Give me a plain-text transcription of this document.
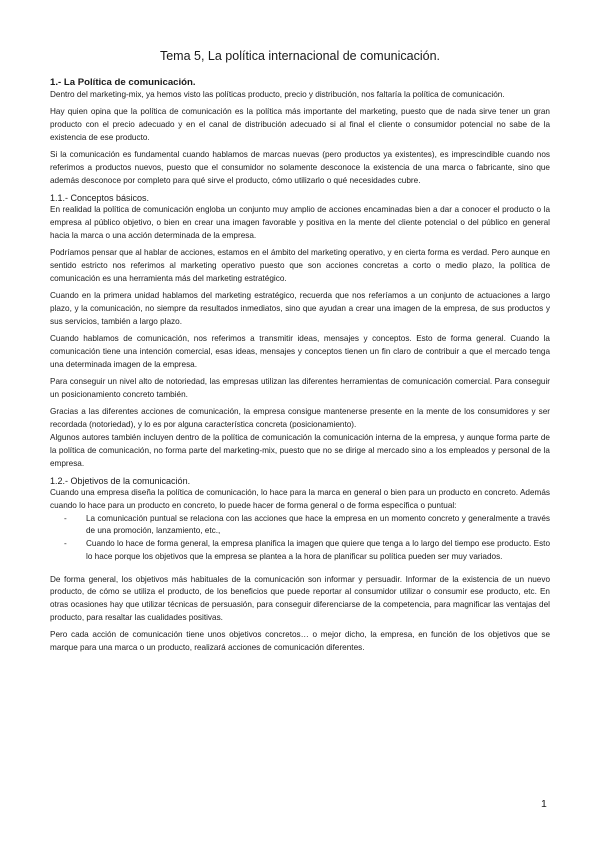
Tema 5, La política internacional de comunicación.
1.- La Política de comunicación.

Dentro del marketing-mix, ya hemos visto las políticas producto, precio y distribución, nos faltaría la política de comunicación.

Hay quien opina que la política de comunicación es la política más importante del marketing, puesto que de nada sirve tener un gran producto con el precio adecuado y en el canal de distribución adecuado si al final el cliente o consumidor potencial no sabe de la existencia de ese producto.

Si la comunicación es fundamental cuando hablamos de marcas nuevas (pero productos ya existentes), es imprescindible cuando nos referimos a productos nuevos, puesto que el consumidor no solamente desconoce la existencia de una marca o fabricante, sino que además desconoce por completo para qué sirve el producto, cómo utilizarlo o qué necesidades cubre.

1.1.- Conceptos básicos.

En realidad la política de comunicación engloba un conjunto muy amplio de acciones encaminadas bien a dar a conocer el producto o la empresa al público objetivo, o bien en crear una imagen favorable y positiva en la mente del cliente potencial o del público en general hacia la marca o una acción determinada de la empresa.

Podríamos pensar que al hablar de acciones, estamos en el ámbito del marketing operativo, y en cierta forma es verdad. Pero aunque en sentido estricto nos referimos al marketing operativo puesto que son acciones concretas a corto o medio plazo, la política de comunicación es una herramienta más del marketing estratégico.

Cuando en la primera unidad hablamos del marketing estratégico, recuerda que nos referíamos a un conjunto de actuaciones a largo plazo, y la comunicación, no siempre da resultados inmediatos, sino que ayudan a crear una imagen de la empresa, de sus productos y sus servicios, también a largo plazo.

Cuando hablamos de comunicación, nos referimos a transmitir ideas, mensajes y conceptos. Esto de forma general. Cuando la comunicación tiene una intención comercial, esas ideas, mensajes y conceptos tienen un fin claro de contribuir a que el mercado tenga una determinada imagen de la empresa.

Para conseguir un nivel alto de notoriedad, las empresas utilizan las diferentes herramientas de comunicación comercial. Para conseguir un posicionamiento concreto también.

Gracias a las diferentes acciones de comunicación, la empresa consigue mantenerse presente en la mente de los consumidores y ser recordada (notoriedad), y lo es por alguna característica concreta (posicionamiento).

Algunos autores también incluyen dentro de la política de comunicación la comunicación interna de la empresa, y aunque forma parte de la política de comunicación, no forma parte del marketing-mix, puesto que no se dirige al mercado sino a los empleados y personal de la empresa.

1.2.- Objetivos de la comunicación.

Cuando una empresa diseña la política de comunicación, lo hace para la marca en general o bien para un producto en concreto. Además cuando lo hace para un producto en concreto, lo puede hacer de forma general o de forma específica o puntual:

- La comunicación puntual se relaciona con las acciones que hace la empresa en un momento concreto y generalmente a través de una promoción, lanzamiento, etc.,
- Cuando lo hace de forma general, la empresa planifica la imagen que quiere que tenga a lo largo del tiempo ese producto. Esto lo hace porque los objetivos que la empresa se plantea a la hora de planificar su política pueden ser muy variados.

De forma general, los objetivos más habituales de la comunicación son informar y persuadir. Informar de la existencia de un nuevo producto, de cómo se utiliza el producto, de los beneficios que puede reportar al consumidor utilizar o consumir ese producto, etc. En otras ocasiones hay que utilizar técnicas de persuasión, para conseguir diferenciarse de la competencia, para magnificar las ventajas del producto, para resaltar las cualidades positivas.

Pero cada acción de comunicación tiene unos objetivos concretos… o mejor dicho, la empresa, en función de los objetivos que se marque para una marca o un producto, realizará acciones de comunicación diferentes.

1
